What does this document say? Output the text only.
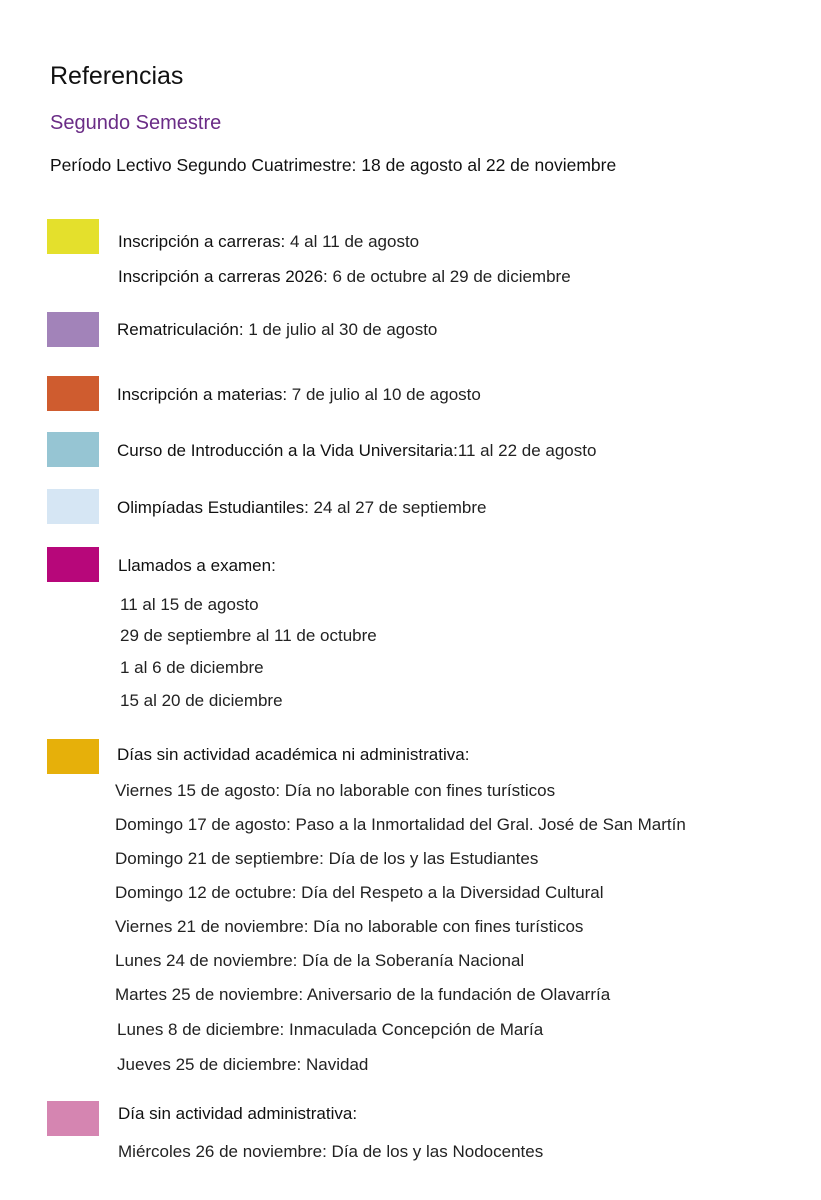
Referencias
Segundo Semestre
Período Lectivo Segundo Cuatrimestre: 18 de agosto al 22 de noviembre
Inscripción a carreras: 4 al 11 de agosto
Inscripción a carreras 2026: 6 de octubre al 29 de diciembre
Rematriculación: 1 de julio al 30 de agosto
Inscripción a materias: 7 de julio al 10 de agosto
Curso de Introducción a la Vida Universitaria:11 al 22 de agosto
Olimpíadas Estudiantiles: 24 al 27 de septiembre
Llamados a examen:
11 al 15 de agosto
29 de septiembre al 11 de octubre
1 al 6 de diciembre
15 al 20 de diciembre
Días sin actividad académica ni administrativa:
Viernes 15 de agosto: Día no laborable con fines turísticos
Domingo 17 de agosto: Paso a la Inmortalidad del Gral. José de San Martín
Domingo 21 de septiembre: Día de los y las Estudiantes
Domingo 12 de octubre: Día del Respeto a la Diversidad Cultural
Viernes 21 de noviembre: Día no laborable con fines turísticos
Lunes 24 de noviembre: Día de la Soberanía Nacional
Martes 25 de noviembre: Aniversario de la fundación de Olavarría
Lunes 8 de diciembre: Inmaculada Concepción de María
Jueves 25 de diciembre: Navidad
Día sin actividad administrativa:
Miércoles 26 de noviembre: Día de los y las Nodocentes
